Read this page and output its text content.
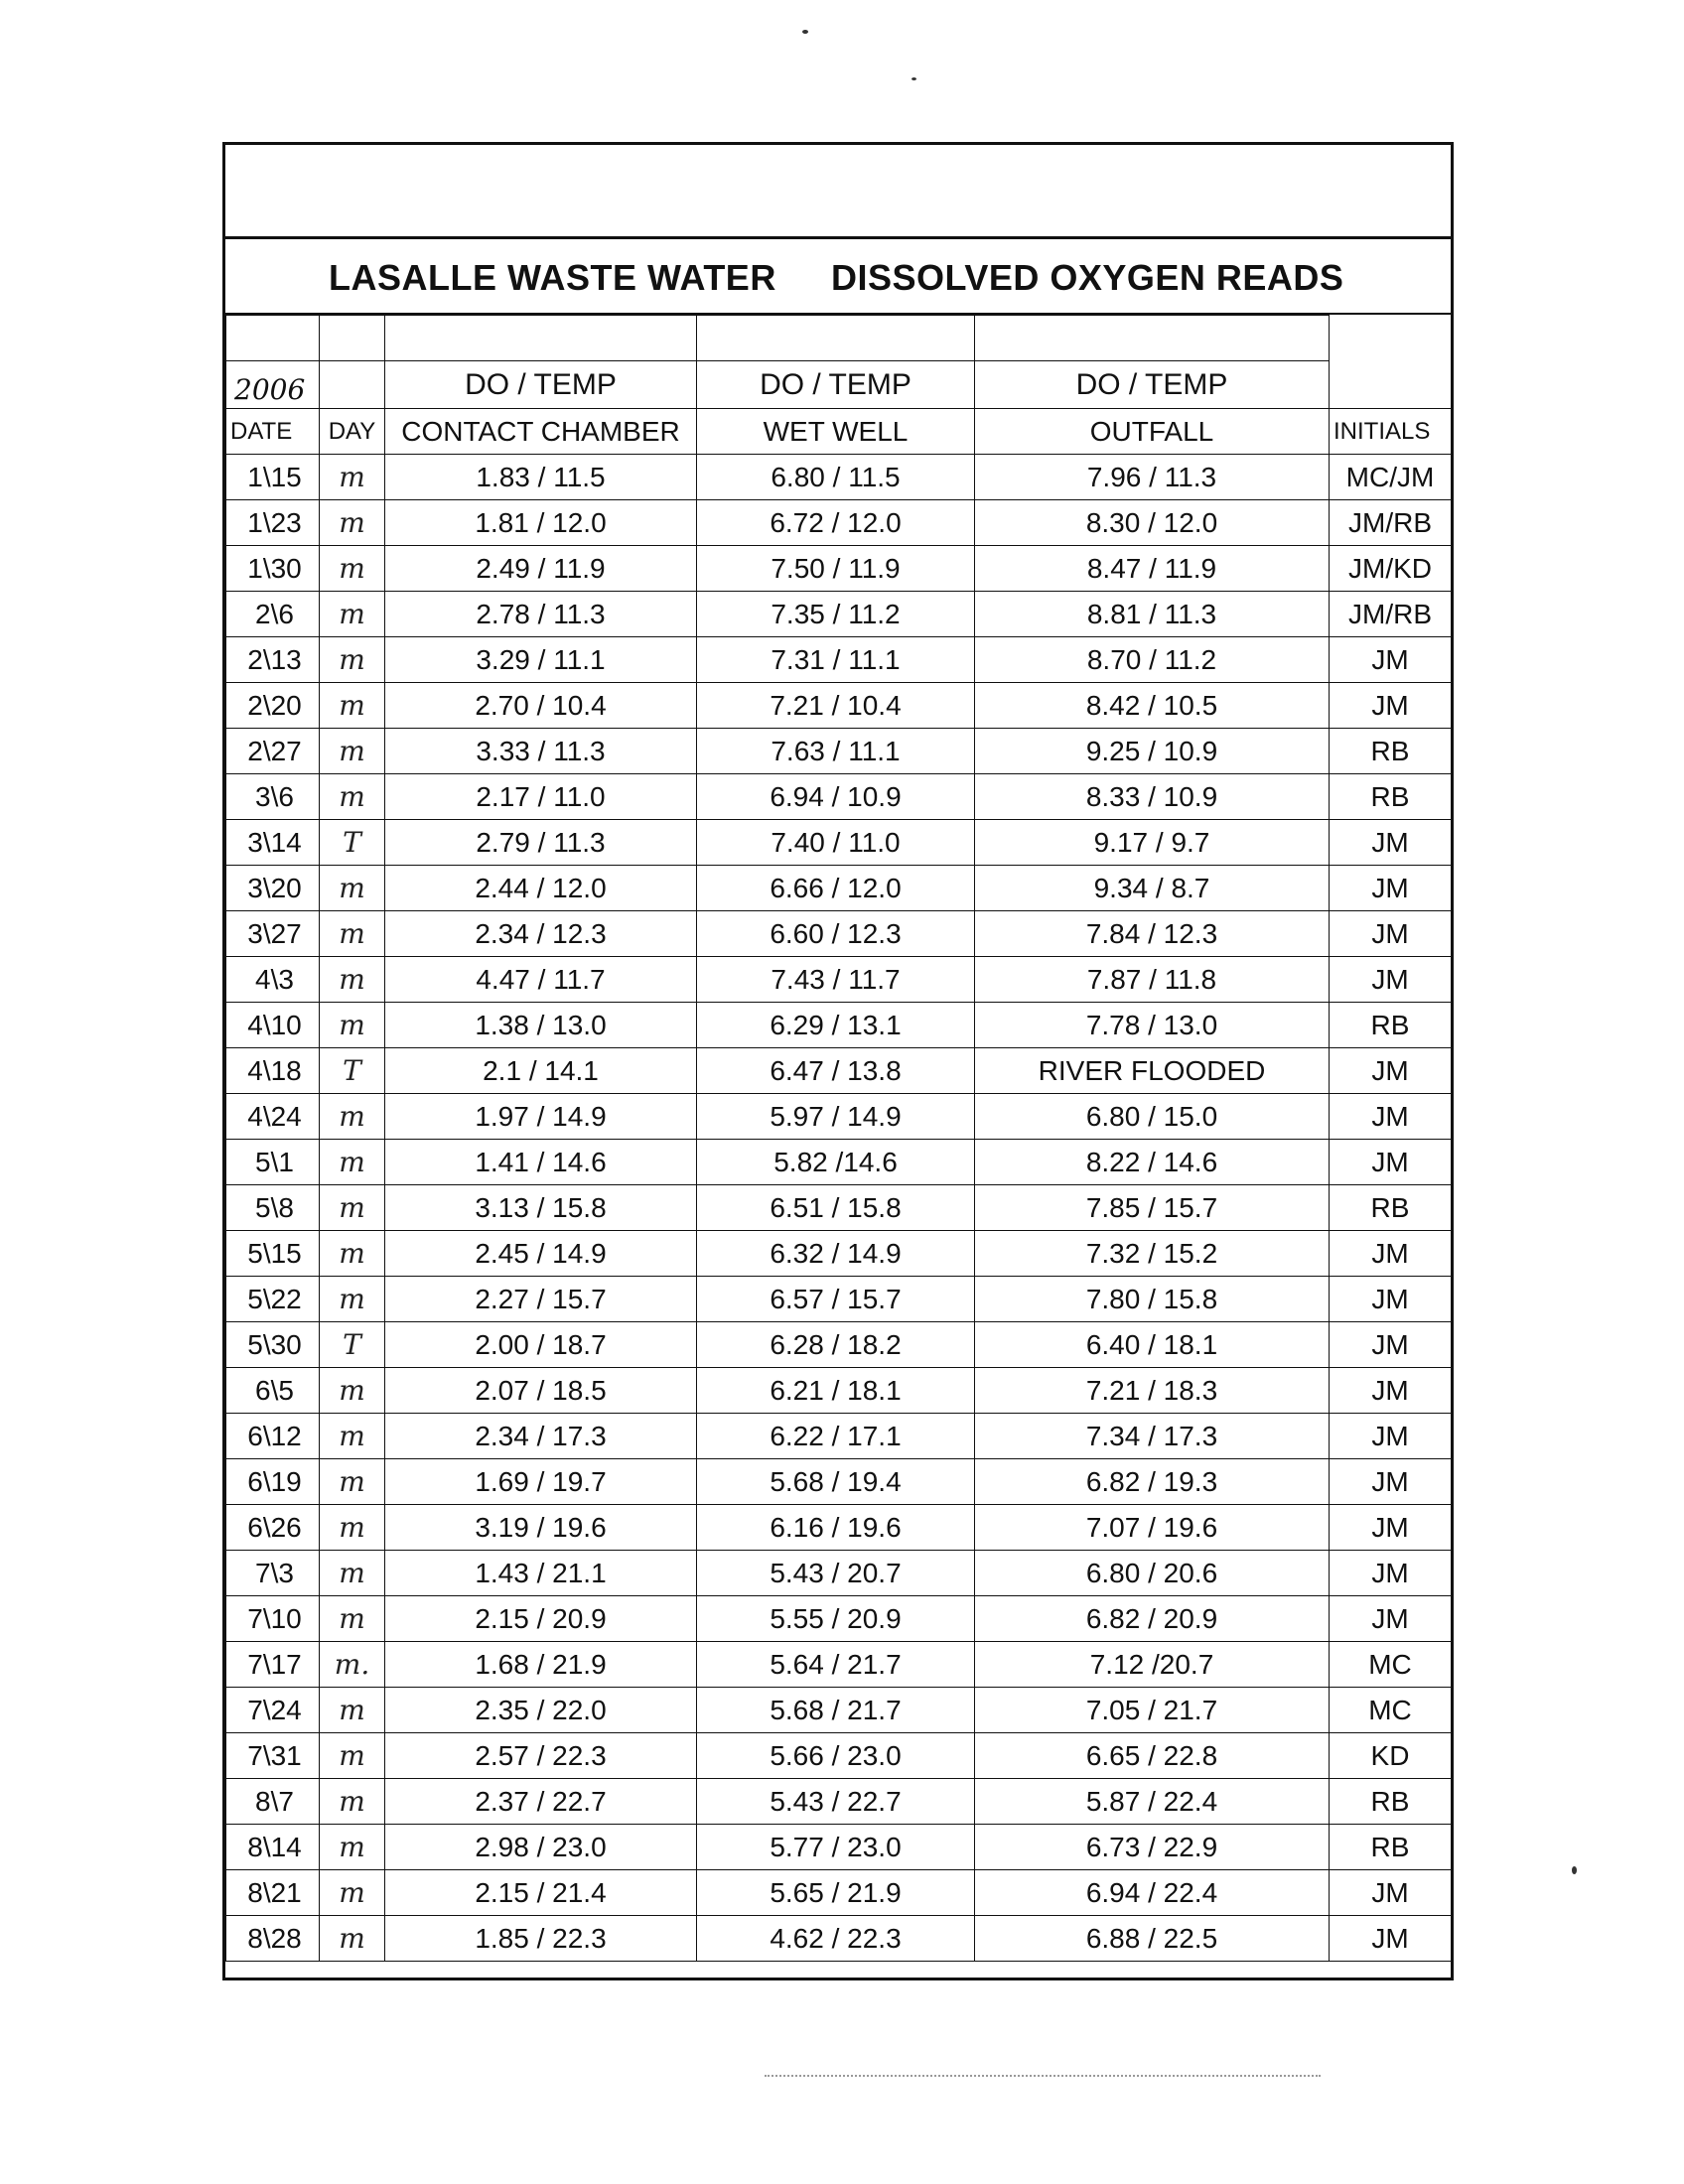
LASALLE WASTE WATER DISSOLVED OXYGEN READS

2006		DO / TEMP	DO / TEMP	DO / TEMP	
DATE	DAY	CONTACT CHAMBER	WET WELL	OUTFALL	INITIALS
1\15	m	1.83 / 11.5	6.80 / 11.5	7.96 / 11.3	MC/JM
1\23	m	1.81 / 12.0	6.72 / 12.0	8.30 / 12.0	JM/RB
1\30	m	2.49 / 11.9	7.50 / 11.9	8.47 / 11.9	JM/KD
2\6	m	2.78 / 11.3	7.35 / 11.2	8.81 / 11.3	JM/RB
2\13	m	3.29 / 11.1	7.31 / 11.1	8.70 / 11.2	JM
2\20	m	2.70 / 10.4	7.21 / 10.4	8.42 / 10.5	JM
2\27	m	3.33 / 11.3	7.63 / 11.1	9.25 / 10.9	RB
3\6	m	2.17 / 11.0	6.94 / 10.9	8.33 / 10.9	RB
3\14	T	2.79 / 11.3	7.40 / 11.0	9.17 / 9.7	JM
3\20	m	2.44 / 12.0	6.66 / 12.0	9.34 / 8.7	JM
3\27	m	2.34 / 12.3	6.60 / 12.3	7.84 / 12.3	JM
4\3	m	4.47 / 11.7	7.43 / 11.7	7.87 / 11.8	JM
4\10	m	1.38 / 13.0	6.29 / 13.1	7.78 / 13.0	RB
4\18	T	2.1 / 14.1	6.47 / 13.8	RIVER FLOODED	JM
4\24	m	1.97 / 14.9	5.97 / 14.9	6.80 / 15.0	JM
5\1	m	1.41 / 14.6	5.82 /14.6	8.22 / 14.6	JM
5\8	m	3.13 / 15.8	6.51 / 15.8	7.85 / 15.7	RB
5\15	m	2.45 / 14.9	6.32 / 14.9	7.32 / 15.2	JM
5\22	m	2.27 / 15.7	6.57 / 15.7	7.80 / 15.8	JM
5\30	T	2.00 / 18.7	6.28 / 18.2	6.40 / 18.1	JM
6\5	m	2.07 / 18.5	6.21 / 18.1	7.21 / 18.3	JM
6\12	m	2.34 / 17.3	6.22 / 17.1	7.34 / 17.3	JM
6\19	m	1.69 / 19.7	5.68 / 19.4	6.82 / 19.3	JM
6\26	m	3.19 / 19.6	6.16 / 19.6	7.07 / 19.6	JM
7\3	m	1.43 / 21.1	5.43 / 20.7	6.80 / 20.6	JM
7\10	m	2.15 / 20.9	5.55 / 20.9	6.82 / 20.9	JM
7\17	m.	1.68 / 21.9	5.64 / 21.7	7.12 /20.7	MC
7\24	m	2.35 / 22.0	5.68 / 21.7	7.05 / 21.7	MC
7\31	m	2.57 / 22.3	5.66 / 23.0	6.65 / 22.8	KD
8\7	m	2.37 / 22.7	5.43 / 22.7	5.87 / 22.4	RB
8\14	m	2.98 / 23.0	5.77 / 23.0	6.73 / 22.9	RB
8\21	m	2.15 / 21.4	5.65 / 21.9	6.94 / 22.4	JM
8\28	m	1.85 / 22.3	4.62 / 22.3	6.88 / 22.5	JM
